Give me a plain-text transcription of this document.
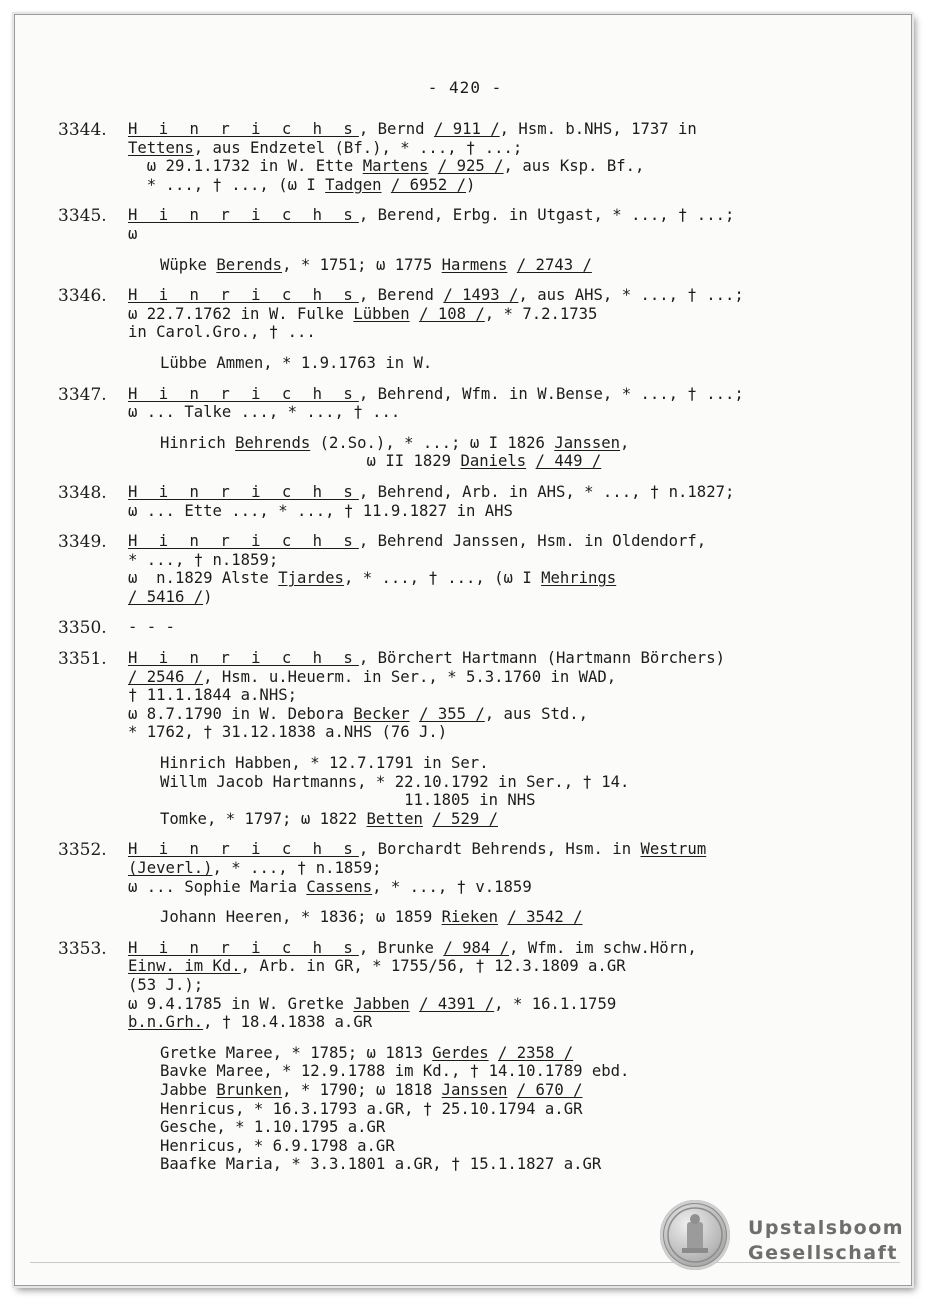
- 420 -
3344. H i n r i c h s, Bernd / 911 /, Hsm. b.NHS, 1737 in
Tettens, aus Endzetel (Bf.), * ..., † ...;
ω 29.1.1732 in W. Ette Martens / 925 /, aus Ksp. Bf.,
* ..., † ..., (ω I Tadgen / 6952 /)
3345. H i n r i c h s, Berend, Erbg. in Utgast, * ..., † ...;
ω
Wüpke Berends, * 1751; ω 1775 Harmens / 2743 /
3346. H i n r i c h s, Berend / 1493 /, aus AHS, * ..., † ...;
ω 22.7.1762 in W. Fulke Lübben / 108 /, * 7.2.1735
in Carol.Gro., † ...
Lübbe Ammen, * 1.9.1763 in W.
3347. H i n r i c h s, Behrend, Wfm. in W.Bense, * ..., † ...;
ω ... Talke ..., * ..., † ...
Hinrich Behrends (2.So.), * ...; ω I 1826 Janssen,
ω II 1829 Daniels / 449 /
3348. H i n r i c h s, Behrend, Arb. in AHS, * ..., † n.1827;
ω ... Ette ..., * ..., † 11.9.1827 in AHS
3349. H i n r i c h s, Behrend Janssen, Hsm. in Oldendorf,
* ..., † n.1859;
ω  n.1829 Alste Tjardes, * ..., † ..., (ω I Mehrings
/ 5416 /)
3350. - - -
3351. H i n r i c h s, Börchert Hartmann (Hartmann Börchers)
/ 2546 /, Hsm. u.Heuerm. in Ser., * 5.3.1760 in WAD,
† 11.1.1844 a.NHS;
ω 8.7.1790 in W. Debora Becker / 355 /, aus Std.,
* 1762, † 31.12.1838 a.NHS (76 J.)
Hinrich Habben, * 12.7.1791 in Ser.
Willm Jacob Hartmanns, * 22.10.1792 in Ser., † 14.
11.1805 in NHS
Tomke, * 1797; ω 1822 Betten / 529 /
3352. H i n r i c h s, Borchardt Behrends, Hsm. in Westrum
(Jeverl.), * ..., † n.1859;
ω ... Sophie Maria Cassens, * ..., † v.1859
Johann Heeren, * 1836; ω 1859 Rieken / 3542 /
3353. H i n r i c h s, Brunke / 984 /, Wfm. im schw.Hörn,
Einw. im Kd., Arb. in GR, * 1755/56, † 12.3.1809 a.GR
(53 J.);
ω 9.4.1785 in W. Gretke Jabben / 4391 /, * 16.1.1759
b.n.Grh., † 18.4.1838 a.GR
Gretke Maree, * 1785; ω 1813 Gerdes / 2358 /
Bavke Maree, * 12.9.1788 im Kd., † 14.10.1789 ebd.
Jabbe Brunken, * 1790; ω 1818 Janssen / 670 /
Henricus, * 16.3.1793 a.GR, † 25.10.1794 a.GR
Gesche, * 1.10.1795 a.GR
Henricus, * 6.9.1798 a.GR
Baafke Maria, * 3.3.1801 a.GR, † 15.1.1827 a.GR
Upstalsboom
Gesellschaft
